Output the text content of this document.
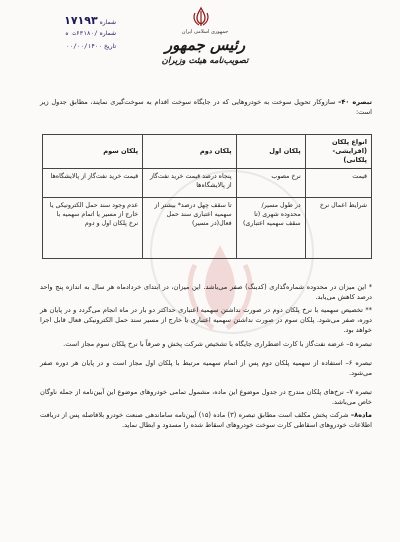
جمهوری اسلامی ایران
رئیس جمهور
تصویب‌نامه هیئت وزیران
شماره ۱۷۱۹۳
شماره /۶۳۱۸۰ت ه
تاریخ ۰۰/۰۰/۱۴۰۰
تبصره ۴۰– سازوکار تحویل سوخت به خودروهایی که در جایگاه سوخت اقدام به سوخت‌گیری نمایند، مطابق جدول زیر است:
انواع پلکان (افزایشی-پلکانی)	پلکان اول	پلکان دوم	پلکان سوم
قیمت	نرخ مصوب	پنجاه درصد قیمت خرید نفت‌گاز از پالایشگاه‌ها	قیمت خرید نفت‌گاز از پالایشگاه‌ها
شرایط اعمال نرخ	در طول مسیر/ محدوده شهری (تا سقف سهمیه اعتباری)	تا سقف چهل درصد* بیشتر از سهمیه اعتباری سند حمل فعال(در مسیر)	عدم وجود سند حمل الکترونیکی یا خارج از مسیر یا اتمام سهمیه با نرخ پلکان اول و دوم
* این میزان در محدوده شماره‌گذاری (کدینگ) صفر می‌باشد. این میزان، در ابتدای خردادماه هر سال به اندازه پنج واحد درصد کاهش می‌یابد.
** تخصیص سهمیه با نرخ پلکان دوم در صورت نداشتن سهمیه اعتباری حداکثر دو بار در ماه انجام می‌گردد و در پایان هر دوره، صفر می‌شود. پلکان سوم در صورت نداشتن سهمیه اعتباری یا خارج از مسیر سند حمل الکترونیکی فعال قابل اجرا خواهد بود.
تبصره ۵– عرضه نفت‌گاز با کارت اضطراری جایگاه با تشخیص شرکت پخش و صرفاً با نرخ پلکان سوم مجاز است.
تبصره ۶– استفاده از سهمیه پلکان دوم پس از اتمام سهمیه مرتبط با پلکان اول مجاز است و در پایان هر دوره صفر می‌شود.
تبصره ۷– نرخ‌های پلکان مندرج در جدول موضوع این ماده، مشمول تمامی خودروهای موضوع این آیین‌نامه از جمله ناوگان خاص می‌باشد.
ماده۸– شرکت پخش مکلف است مطابق تبصره (۳) ماده (۱۵) آیین‌نامه ساماندهی صنعت خودرو بلافاصله پس از دریافت اطلاعات خودروهای اسقاطی کارت سوخت خودروهای اسقاط شده را مسدود و ابطال نماید.
